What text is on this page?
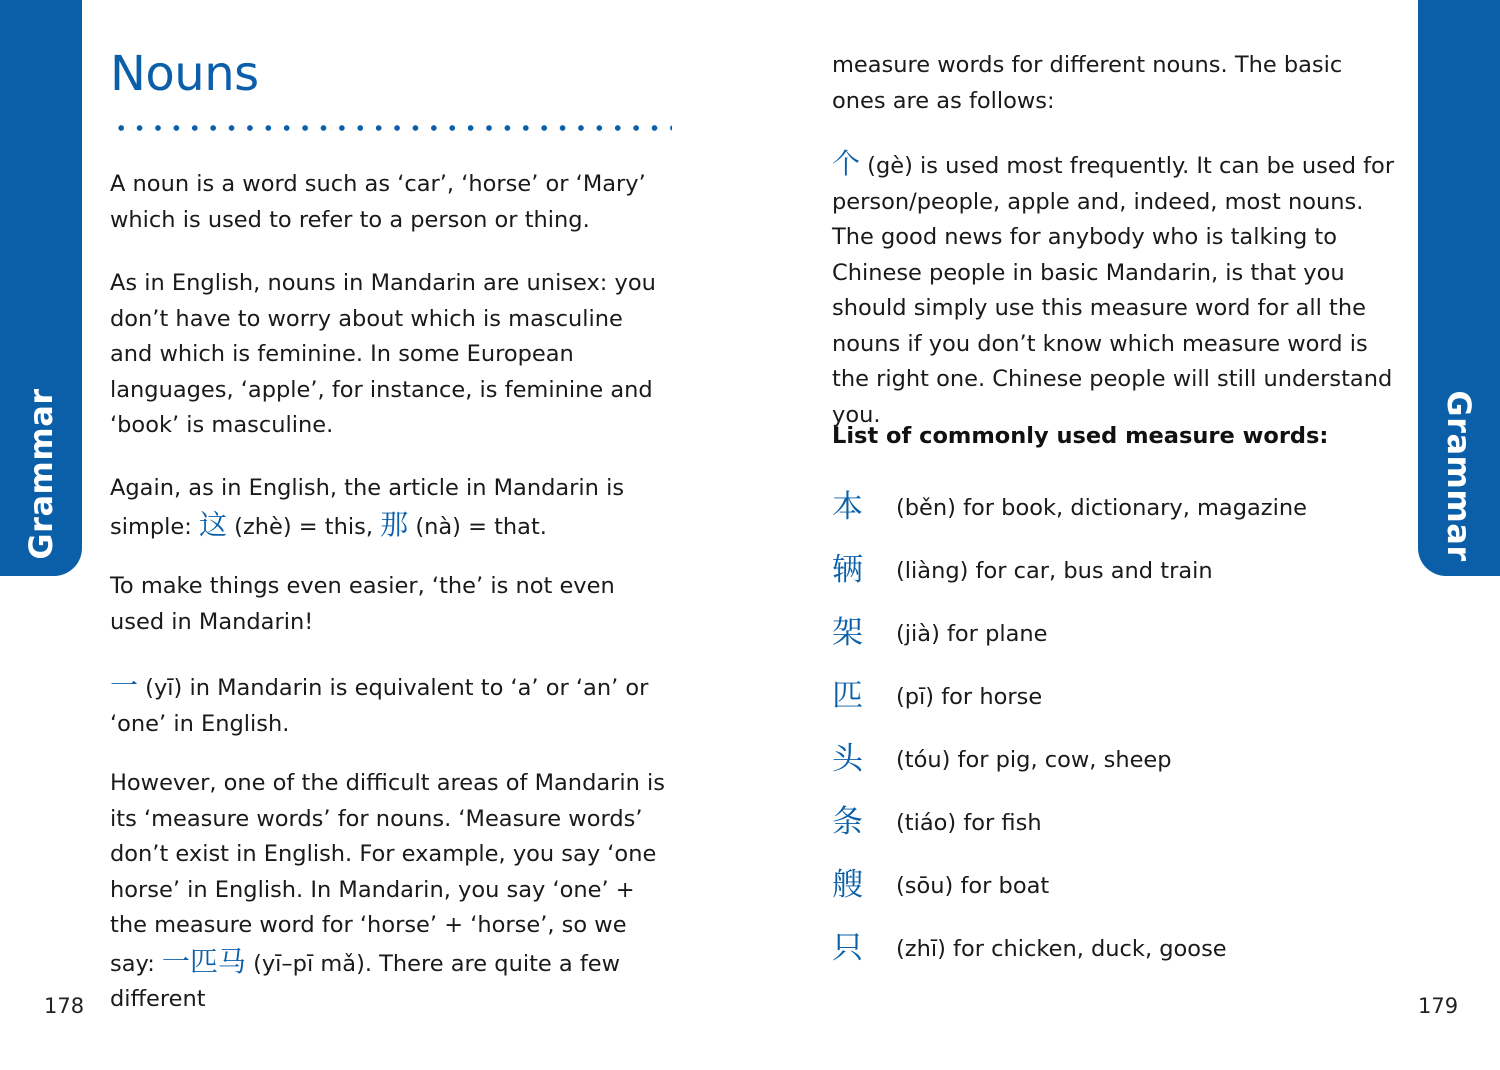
Grammar	Grammar
Nouns

A noun is a word such as ‘car’, ‘horse’ or ‘Mary’ which is used to refer to a person or thing.

As in English, nouns in Mandarin are unisex: you don’t have to worry about which is masculine and which is feminine. In some European languages, ‘apple’, for instance, is feminine and ‘book’ is masculine.

Again, as in English, the article in Mandarin is simple: 这 (zhè) = this, 那 (nà) = that.

To make things even easier, ‘the’ is not even used in Mandarin!

一 (yī) in Mandarin is equivalent to ‘a’ or ‘an’ or ‘one’ in English.

However, one of the difficult areas of Mandarin is its ‘measure words’ for nouns. ‘Measure words’ don’t exist in English. For example, you say ‘one horse’ in English. In Mandarin, you say ‘one’ + the measure word for ‘horse’ + ‘horse’, so we say: 一匹马 (yī–pī mǎ). There are quite a few different

178

measure words for different nouns. The basic ones are as follows:

个 (gè) is used most frequently. It can be used for person/people, apple and, indeed, most nouns. The good news for anybody who is talking to Chinese people in basic Mandarin, is that you should simply use this measure word for all the nouns if you don’t know which measure word is the right one. Chinese people will still understand you.

List of commonly used measure words:
本	(běn) for book, dictionary, magazine
辆	(liàng) for car, bus and train
架	(jià) for plane
匹	(pī) for horse
头	(tóu) for pig, cow, sheep
条	(tiáo) for fish
艘	(sōu) for boat
只	(zhī) for chicken, duck, goose
179
